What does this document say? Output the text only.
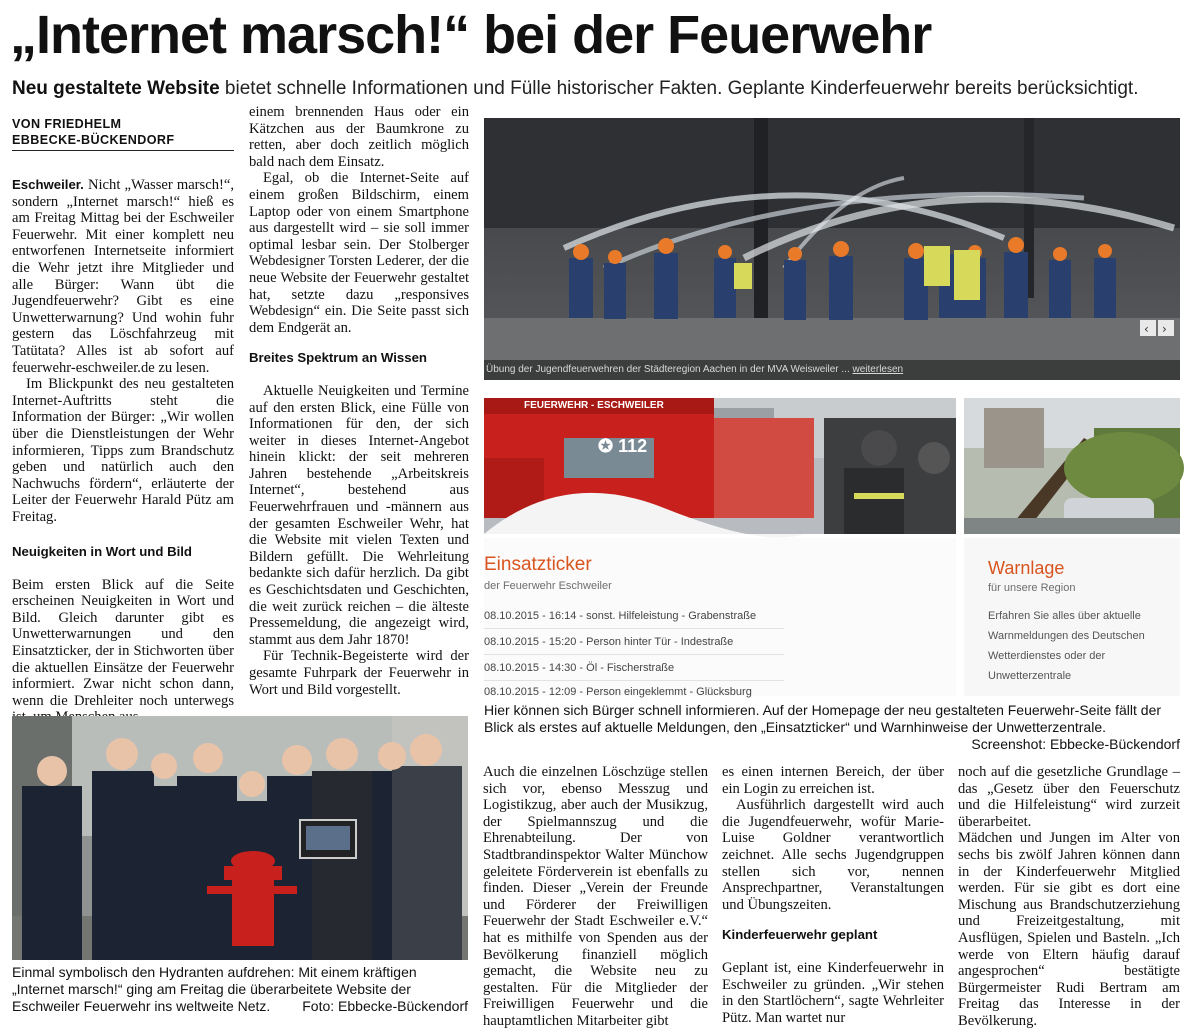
„Internet marsch!“ bei der Feuerwehr
Neu gestaltete Website bietet schnelle Informationen und Fülle historischer Fakten. Geplante Kinderfeuerwehr bereits berücksichtigt.
VON FRIEDHELM
EBBECKE-BÜCKENDORF

Eschweiler. Nicht „Wasser marsch!“, sondern „Internet marsch!“ hieß es am Freitag Mittag bei der Eschweiler Feuerwehr. Mit einer komplett neu entworfenen Internetseite informiert die Wehr jetzt ihre Mitglieder und alle Bürger: Wann übt die Jugendfeuerwehr? Gibt es eine Unwetterwarnung? Und wohin fuhr gestern das Löschfahrzeug mit Tatütata? Alles ist ab sofort auf feuerwehr-eschweiler.de zu lesen.

Im Blickpunkt des neu gestalteten Internet-Auftritts steht die Information der Bürger: „Wir wollen über die Dienstleistungen der Wehr informieren, Tipps zum Brandschutz geben und natürlich auch den Nachwuchs fördern“, erläuterte der Leiter der Feuerwehr Harald Pütz am Freitag.

Neuigkeiten in Wort und Bild

Beim ersten Blick auf die Seite erscheinen Neuigkeiten in Wort und Bild. Gleich darunter gibt es Unwetterwarnungen und den Einsatzticker, der in Stichworten über die aktuellen Einsätze der Feuerwehr informiert. Zwar nicht schon dann, wenn die Drehleiter noch unterwegs

einem brennenden Haus oder ein Kätzchen aus der Baumkrone zu retten, aber doch zeitlich möglich bald nach dem Einsatz.

Egal, ob die Internet-Seite auf einem großen Bildschirm, einem Laptop oder von einem Smartphone aus dargestellt wird – sie soll immer optimal lesbar sein. Der Stolberger Webdesigner Torsten Lederer, der die neue Website der Feuerwehr gestaltet hat, setzte dazu „responsives Webdesign“ ein. Die Seite passt sich dem Endgerät an.

Breites Spektrum an Wissen

Aktuelle Neuigkeiten und Termine auf den ersten Blick, eine Fülle von Informationen für den, der sich weiter in dieses Internet-Angebot hinein klickt: der seit mehreren Jahren bestehende „Arbeitskreis Internet“, bestehend aus Feuerwehrfrauen und -männern aus der gesamten Eschweiler Wehr, hat die Website mit vielen Texten und Bildern gefüllt. Die Wehrleitung bedankte sich dafür herzlich. Da gibt es Geschichtsdaten und Geschichten, die weit zurück reichen – die älteste Pressemeldung, die angezeigt wird, stammt aus dem Jahr 1870!

Für Technik-Begeisterte wird der gesamte Fuhrpark der Feuerwehr in Wort und Bild vorgestellt.

‹ ›
Übung der Jugendfeuerwehren der Städteregion Aachen in der MVA Weisweiler ... weiterlesen
FEUERWEHR - ESCHWEILER
✪ 112
Einsatzticker
der Feuerwehr Eschweiler
08.10.2015 - 16:14 - sonst. Hilfeleistung - Grabenstraße
08.10.2015 - 15:20 - Person hinter Tür - Indestraße
08.10.2015 - 14:30 - Öl - Fischerstraße
08.10.2015 - 12:09 - Person eingeklemmt - Glücksburg
Warnlage
für unsere Region
Erfahren Sie alles über aktuelle
Warnmeldungen des Deutschen
Wetterdienstes oder der
Unwetterzentrale
Hier können sich Bürger schnell informieren. Auf der Homepage der neu gestalteten Feuerwehr-Seite fällt der Blick als erstes auf aktuelle Meldungen, den „Einsatzticker“ und Warnhinweise der Unwetterzentrale.
Screenshot: Ebbecke-Bückendorf
Einmal symbolisch den Hydranten aufdrehen: Mit einem kräftigen „Internet marsch!“ ging am Freitag die überarbeitete Website der Eschweiler Feuerwehr ins weltweite Netz. Foto: Ebbecke-Bückendorf

Auch die einzelnen Löschzüge stellen sich vor, ebenso Messzug und Logistikzug, aber auch der Musikzug, der Spielmannszug und die Ehrenabteilung. Der von Stadtbrandinspektor Walter Münchow geleitete Förderverein ist ebenfalls zu finden. Dieser „Verein der Freunde und Förderer der Freiwilligen Feuerwehr der Stadt Eschweiler e.V.“ hat es mithilfe von Spenden aus der Bevölkerung finanziell möglich gemacht, die Website neu zu gestalten. Für die Mitglieder der Freiwilligen Feuerwehr und die hauptamtlichen Mitarbeiter gibt

es einen internen Bereich, der über ein Login zu erreichen ist.

Ausführlich dargestellt wird auch die Jugendfeuerwehr, wofür Marie-Luise Goldner verantwortlich zeichnet. Alle sechs Jugendgruppen stellen sich vor, nennen Ansprechpartner, Veranstaltungen und Übungszeiten.

Kinderfeuerwehr geplant

Geplant ist, eine Kinderfeuerwehr in Eschweiler zu gründen. „Wir stehen in den Startlöchern“, sagte Wehrleiter Pütz. Man wartet nur

noch auf die gesetzliche Grundlage – das „Gesetz über den Feuerschutz und die Hilfeleistung“ wird zurzeit überarbeitet.

Mädchen und Jungen im Alter von sechs bis zwölf Jahren können dann in der Kinderfeuerwehr Mitglied werden. Für sie gibt es dort eine Mischung aus Brandschutzerziehung und Freizeitgestaltung, mit Ausflügen, Spielen und Basteln. „Ich werde von Eltern häufig darauf angesprochen“ bestätigte Bürgermeister Rudi Bertram am Freitag das Interesse in der Bevölkerung.
